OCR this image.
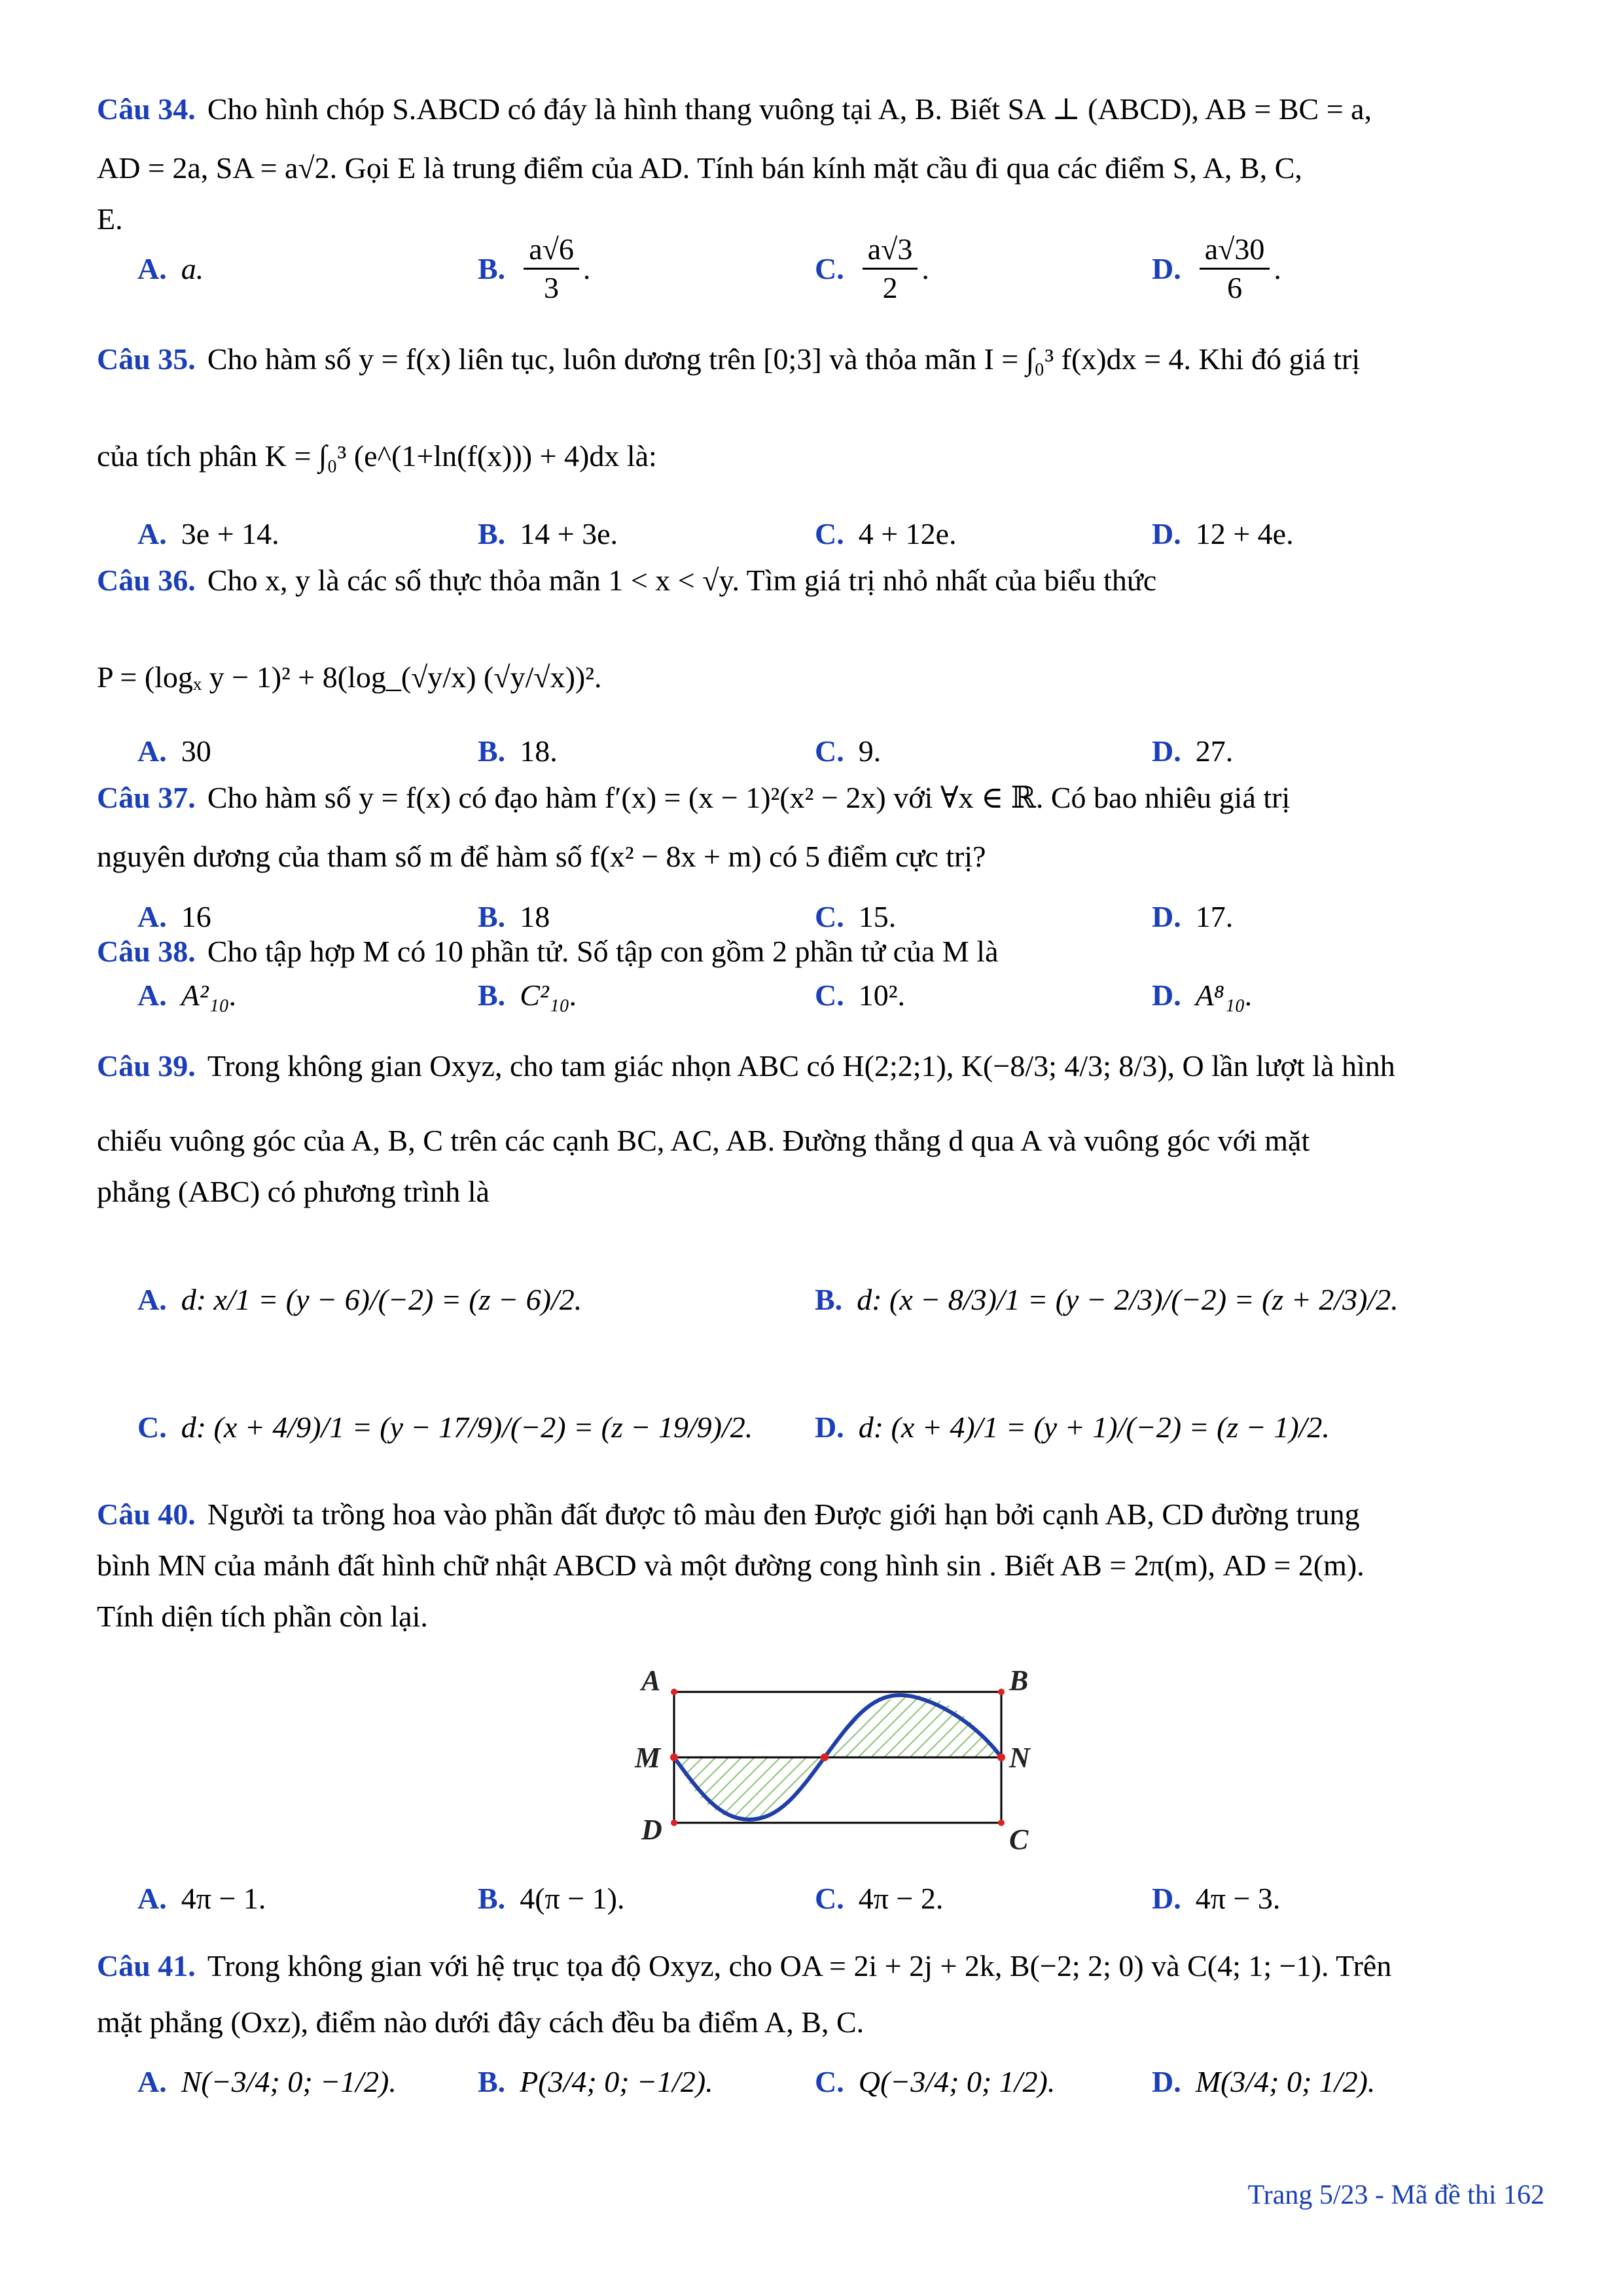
Câu 34. Cho hình chóp S.ABCD có đáy là hình thang vuông tại A, B. Biết SA ⊥ (ABCD), AB = BC = a,
AD = 2a, SA = a√2. Gọi E là trung điểm của AD. Tính bán kính mặt cầu đi qua các điểm S, A, B, C,
E.
A. a.	B. $\frac{a√6}{3}$ .	C. $\frac{a√3}{2}$ .	D. $\frac{a√30}{6}$ .
Câu 35. Cho hàm số y = f(x) liên tục, luôn dương trên [0;3] và thỏa mãn I = ∫₀³ f(x)dx = 4. Khi đó giá trị
của tích phân K = ∫₀³ (e^(1+ln(f(x))) + 4)dx là:
A. 3e + 14.	B. 14 + 3e.	C. 4 + 12e.	D. 12 + 4e.
Câu 36. Cho x, y là các số thực thỏa mãn 1 < x < √y. Tìm giá trị nhỏ nhất của biểu thức
P = (logₓ y − 1)² + 8(log_(√y/x) (√y/√x))².
A. 30	B. 18.	C. 9.	D. 27.
Câu 37. Cho hàm số y = f(x) có đạo hàm f′(x) = (x − 1)²(x² − 2x) với ∀x ∈ ℝ. Có bao nhiêu giá trị
nguyên dương của tham số m để hàm số f(x² − 8x + m) có 5 điểm cực trị?
A. 16	B. 18	C. 15.	D. 17.
Câu 38. Cho tập hợp M có 10 phần tử. Số tập con gồm 2 phần tử của M là
A. A²₁₀.	B. C²₁₀.	C. 10².	D. A⁸₁₀.
Câu 39. Trong không gian Oxyz, cho tam giác nhọn ABC có H(2;2;1), K(−8/3; 4/3; 8/3), O lần lượt là hình
chiếu vuông góc của A, B, C trên các cạnh BC, AC, AB. Đường thẳng d qua A và vuông góc với mặt
phẳng (ABC) có phương trình là
A. d: x/1 = (y − 6)/(−2) = (z − 6)/2.	B. d: (x − 8/3)/1 = (y − 2/3)/(−2) = (z + 2/3)/2.
C. d: (x + 4/9)/1 = (y − 17/9)/(−2) = (z − 19/9)/2. D. d: (x + 4)/1 = (y + 1)/(−2) = (z − 1)/2.
Câu 40. Người ta trồng hoa vào phần đất được tô màu đen Được giới hạn bởi cạnh AB, CD đường trung
bình MN của mảnh đất hình chữ nhật ABCD và một đường cong hình sin . Biết AB = 2π(m), AD = 2(m).
Tính diện tích phần còn lại.
A	B
M	N
D	C
A. 4π − 1.	B. 4(π − 1).	C. 4π − 2.	D. 4π − 3.
Câu 41. Trong không gian với hệ trục tọa độ Oxyz, cho OA = 2i + 2j + 2k, B(−2; 2; 0) và C(4; 1; −1). Trên
mặt phẳng (Oxz), điểm nào dưới đây cách đều ba điểm A, B, C.
A. N(−3/4; 0; −1/2).	B. P(3/4; 0; −1/2).	C. Q(−3/4; 0; 1/2).	D. M(3/4; 0; 1/2).
Trang 5/23 - Mã đề thi 162
